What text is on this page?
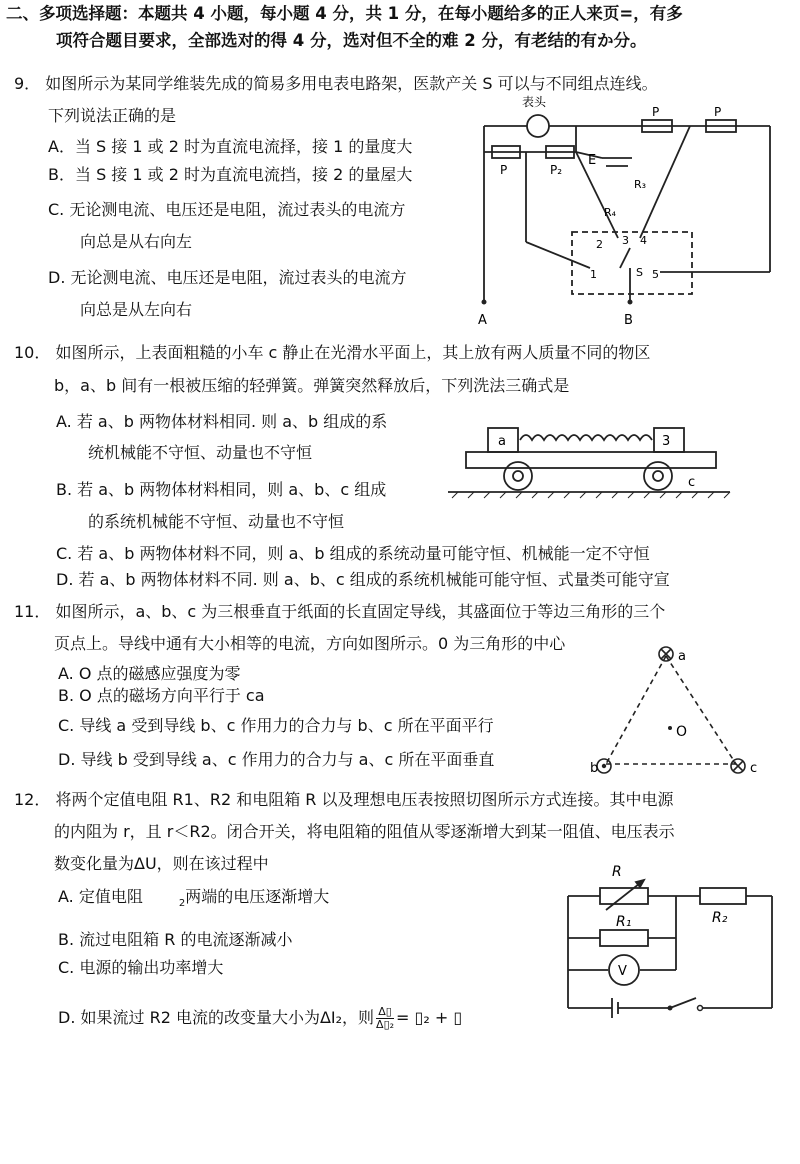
二、多项选择题：本题共 4 小题，每小题 4 分，共 1 分，在每小题给多的正人来页=，有多
项符合题目要求，全部选对的得 4 分，选对但不全的难 2 分，有老结的有か分。
9． 如图所示为某同学维装先成的简易多用电表电路架，医款产关 S 可以与不同组点连线。
下列说法正确的是
A．当 S 接 1 或 2 时为直流电流择，接 1 的量度大
B．当 S 接 1 或 2 时为直流电流挡，接 2 的量屋大
C. 无论测电流、电压还是电阻，流过表头的电流方
向总是从右向左
D. 无论测电流、电压还是电阻，流过表头的电流方
向总是从左向右
表头
P	P₂
P	P
E
R₃
R₄
2 3 4
1	S 5
A	B
10． 如图所示，上表面粗糙的小车 c 静止在光滑水平面上，其上放有两人质量不同的物区
b，a、b 间有一根被压缩的轻弹簧。弹簧突然释放后，下列洗法三确式是
A. 若 a、b 两物体材料相同. 则 a、b 组成的系
统机械能不守恒、动量也不守恒
B. 若 a、b 两物体材料相同，则 a、b、c 组成
的系统机械能不守恒、动量也不守恒
C. 若 a、b 两物体材料不同，则 a、b 组成的系统动量可能守恒、机械能一定不守恒
D. 若 a、b 两物体材料不同. 则 a、b、c 组成的系统机械能可能守恒、式量类可能守宣
a	3
c
11． 如图所示，a、b、c 为三根垂直于纸面的长直固定导线，其盛面位于等边三角形的三个
页点上。导线中通有大小相等的电流，方向如图所示。0 为三角形的中心
A. O 点的磁感应强度为零
B. O 点的磁场方向平行于 ca
C. 导线 a 受到导线 b、c 作用力的合力与 b、c 所在平面平行
D. 导线 b 受到导线 a、c 作用力的合力与 a、c 所在平面垂直
a
b	c
O
12． 将两个定值电阻 R1、R2 和电阻箱 R 以及理想电压表按照切图所示方式连接。其中电源
的内阻为 r，且 r＜R2。闭合开关，将电阻箱的阻值从零逐渐增大到某一阻值、电压表示
数变化量为ΔU，则在该过程中
A. 定值电阻	$_2$两端的电压逐渐增大
B. 流过电阻箱 R 的电流逐渐减小
C. 电源的输出功率增大
D. 如果流过 R2 电流的改变量大小为ΔI₂，则 $\frac{\Delta▯}{\text{Δ▯₂}}$ = ▯₂ + ▯
R
R₁	R₂
V
